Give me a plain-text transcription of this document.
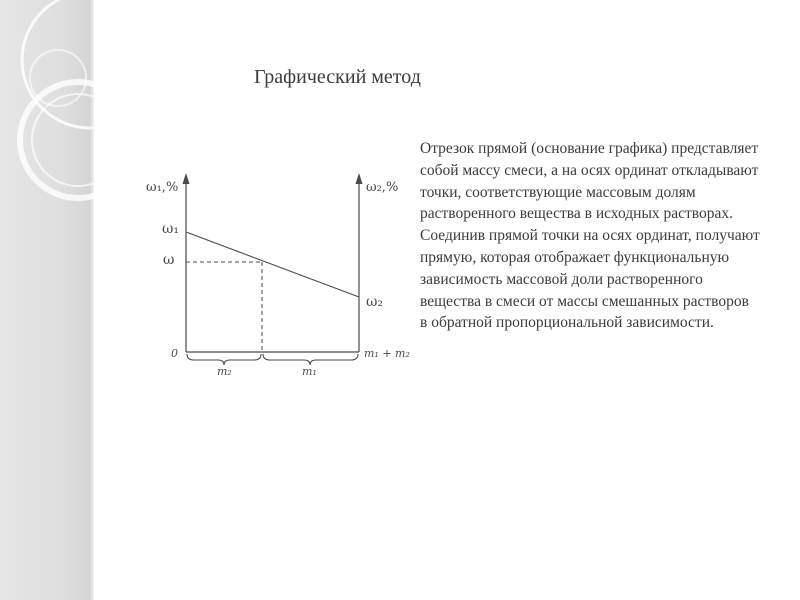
Графический метод
Отрезок прямой (основание графика) представляет собой массу смеси, а на осях ординат откладывают точки, соответствующие массовым долям растворенного вещества в исходных растворах. Соединив прямой точки на осях ординат, получают прямую, которая отображает функциональную зависимость массовой доли растворенного вещества в смеси от массы смешанных растворов в обратной пропорциональной зависимости.
ω₁,%	ω₂,%
ω₁
ω
ω₂
0	m₁ + m₂
m₂	m₁
